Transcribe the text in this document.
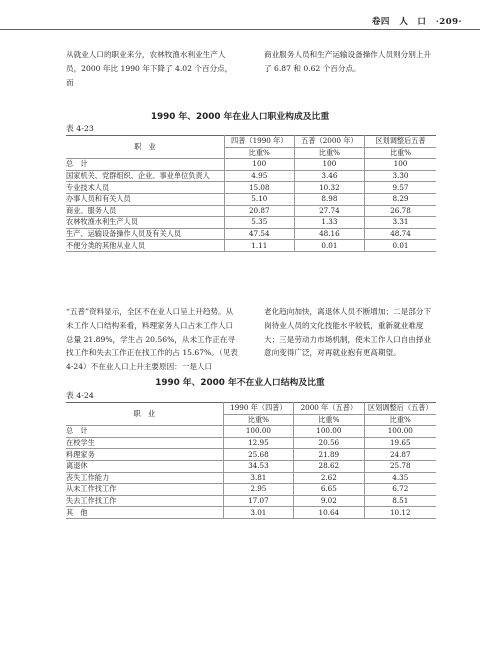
卷四 人　口 ·209·
从就业人口的职业来分，农林牧渔水利业生产人员，2000 年比 1990 年下降了 4.02 个百分点，而
商业服务人员和生产运输设备操作人员则分别上升了 6.87 和 0.62 个百分点。
1990 年、2000 年在业人口职业构成及比重
表 4-23
职　业	四普（1990 年）	五普（2000 年）	区划调整后五普
	比重%	比重%	比重%
总　计	100	100	100
国家机关、党群组织、企业、事业单位负责人	4.95	3.46	3.30
专业技术人员	15.08	10.32	9.57
办事人员和有关人员	5.10	8.98	8.29
商业、服务人员	20.87	27.74	26.78
农林牧渔水利生产人员	5.35	1.33	3.31
生产、运输设备操作人员及有关人员	47.54	48.16	48.74
不便分类的其他从业人员	1.11	0.01	0.01
“五普”资料显示，全区不在业人口呈上升趋势。从未工作人口结构来看，料理家务人口占未工作人口总量 21.89%，学生占 20.56%，从未工作正在寻找工作和失去工作正在找工作的占 15.67%。（见表 4-24）不在业人口上升主要原因：一是人口
老化趋向加快，离退休人员不断增加；二是部分下岗待业人员的文化技能水平较低，重新就业难度大；三是劳动力市场机制，使未工作人口自由择业意向变得广泛，对再就业抱有更高期望。
1990 年、2000 年不在业人口结构及比重
表 4-24
职　业	1990 年（四普）	2000 年（五普）	区划调整后（五普）
	比重%	比重%	比重%
总　计	100.00	100.00	100.00
在校学生	12.95	20.56	19.65
料理家务	25.68	21.89	24.87
离退休	34.53	28.62	25.78
丧失工作能力	3.81	2.62	4.35
从未工作找工作	2.95	6.65	6.72
失去工作找工作	17.07	9.02	8.51
其　他	3.01	10.64	10.12
